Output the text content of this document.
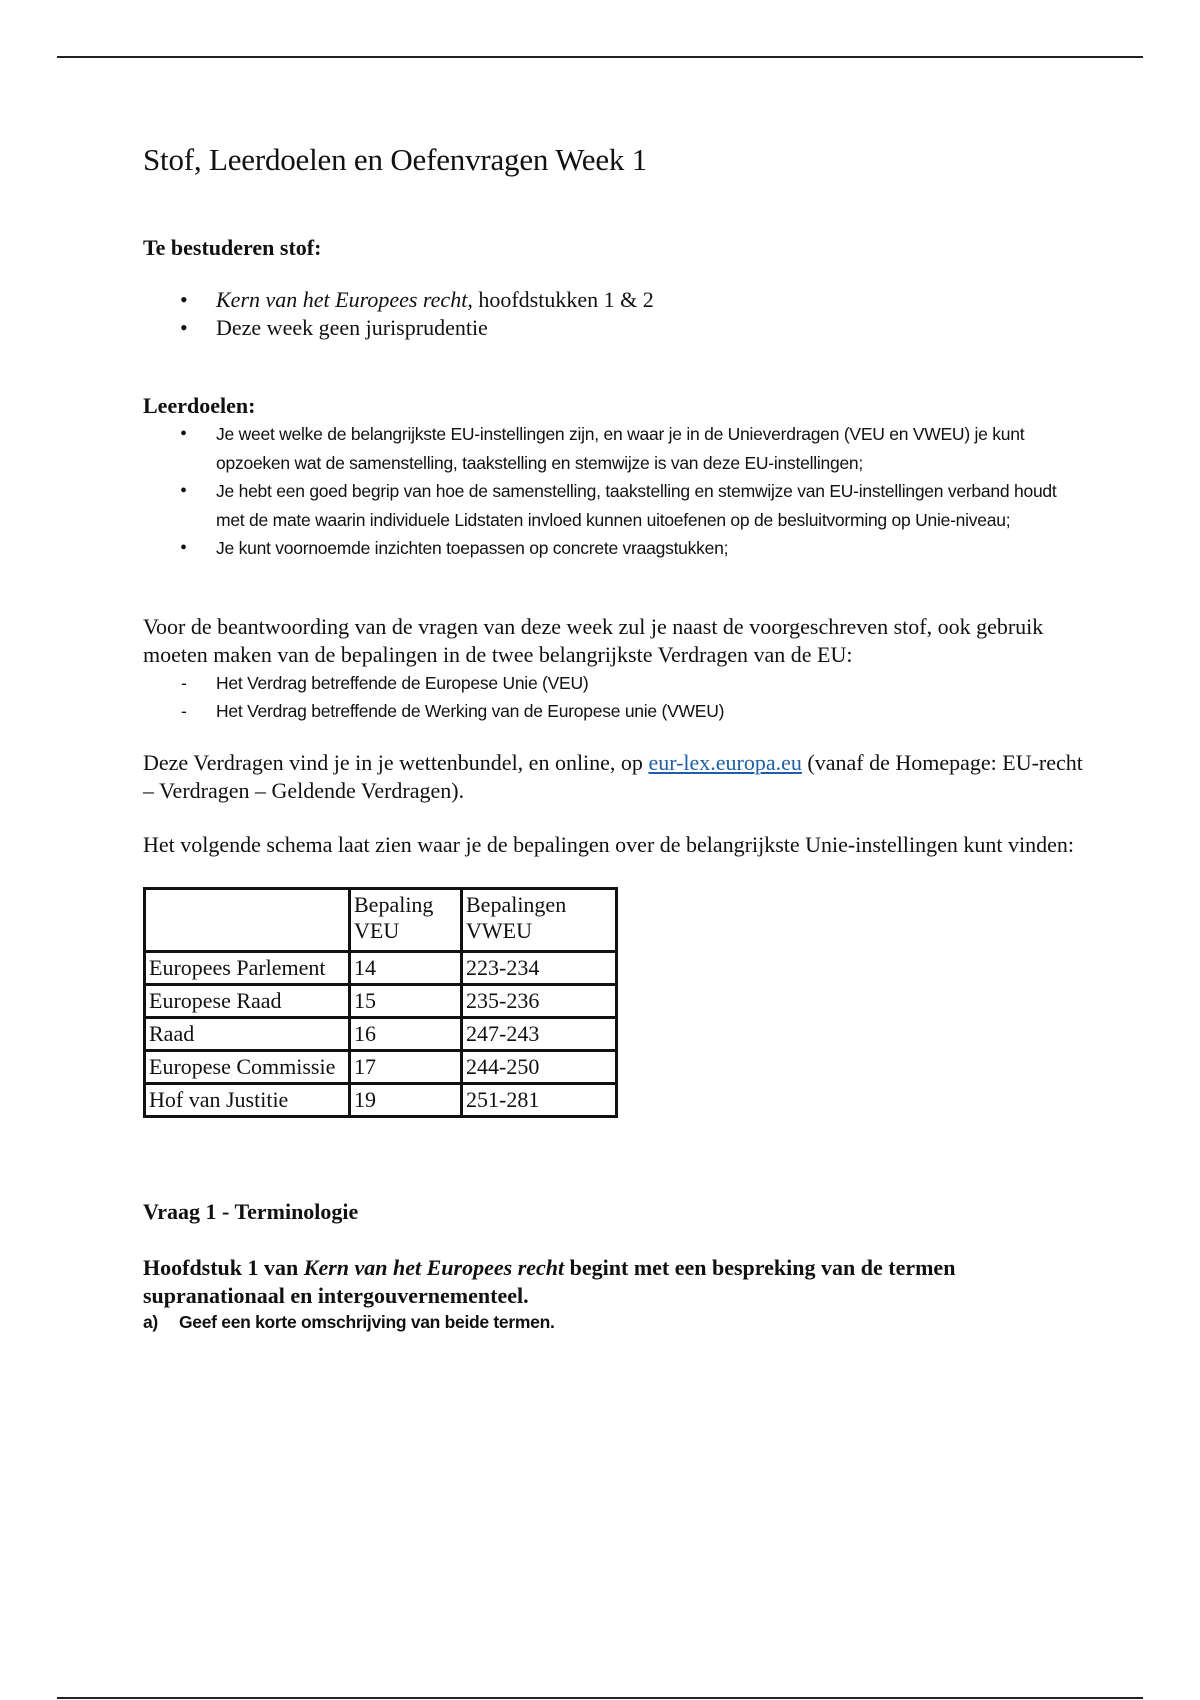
Stof, Leerdoelen en Oefenvragen Week 1

Te bestuderen stof:

• Kern van het Europees recht, hoofdstukken 1 & 2
• Deze week geen jurisprudentie

Leerdoelen:

• Je weet welke de belangrijkste EU-instellingen zijn, en waar je in de Unieverdragen (VEU en VWEU) je kunt opzoeken wat de samenstelling, taakstelling en stemwijze is van deze EU-instellingen;
• Je hebt een goed begrip van hoe de samenstelling, taakstelling en stemwijze van EU-instellingen verband houdt met de mate waarin individuele Lidstaten invloed kunnen uitoefenen op de besluitvorming op Unie-niveau;
• Je kunt voornoemde inzichten toepassen op concrete vraagstukken;

Voor de beantwoording van de vragen van deze week zul je naast de voorgeschreven stof, ook gebruik moeten maken van de bepalingen in de twee belangrijkste Verdragen van de EU:

- Het Verdrag betreffende de Europese Unie (VEU)
- Het Verdrag betreffende de Werking van de Europese unie (VWEU)

Deze Verdragen vind je in je wettenbundel, en online, op eur-lex.europa.eu (vanaf de Homepage: EU-recht – Verdragen – Geldende Verdragen).

Het volgende schema laat zien waar je de bepalingen over de belangrijkste Unie-instellingen kunt vinden:

	Bepaling VEU	Bepalingen VWEU
Europees Parlement	14	223-234
Europese Raad	15	235-236
Raad	16	247-243
Europese Commissie	17	244-250
Hof van Justitie	19	251-281

Vraag 1 - Terminologie

Hoofdstuk 1 van Kern van het Europees recht begint met een bespreking van de termen supranationaal en intergouvernementeel.

a) Geef een korte omschrijving van beide termen.
